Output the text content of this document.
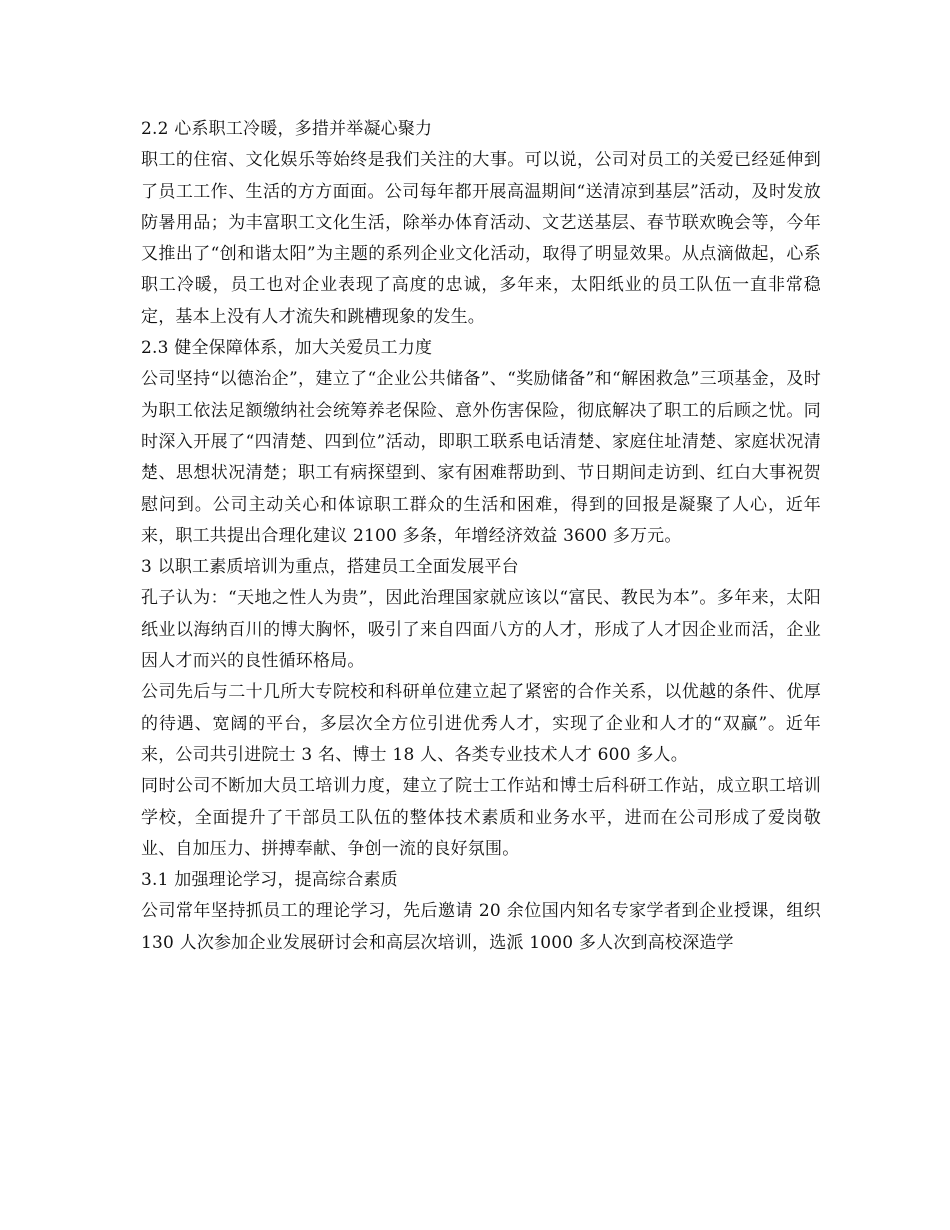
2.2 心系职工冷暖，多措并举凝心聚力

职工的住宿、文化娱乐等始终是我们关注的大事。可以说，公司对员工的关爱已经延伸到了员工工作、生活的方方面面。公司每年都开展高温期间“送清凉到基层”活动，及时发放防暑用品；为丰富职工文化生活，除举办体育活动、文艺送基层、春节联欢晚会等，今年又推出了“创和谐太阳”为主题的系列企业文化活动，取得了明显效果。从点滴做起，心系职工冷暖，员工也对企业表现了高度的忠诚，多年来，太阳纸业的员工队伍一直非常稳定，基本上没有人才流失和跳槽现象的发生。

2.3 健全保障体系，加大关爱员工力度

公司坚持“以德治企”，建立了“企业公共储备”、“奖励储备”和“解困救急”三项基金，及时为职工依法足额缴纳社会统筹养老保险、意外伤害保险，彻底解决了职工的后顾之忧。同时深入开展了“四清楚、四到位”活动，即职工联系电话清楚、家庭住址清楚、家庭状况清楚、思想状况清楚；职工有病探望到、家有困难帮助到、节日期间走访到、红白大事祝贺慰问到。公司主动关心和体谅职工群众的生活和困难，得到的回报是凝聚了人心，近年来，职工共提出合理化建议 2100 多条，年增经济效益 3600 多万元。

3 以职工素质培训为重点，搭建员工全面发展平台

孔子认为：“天地之性人为贵”，因此治理国家就应该以“富民、教民为本”。多年来，太阳纸业以海纳百川的博大胸怀，吸引了来自四面八方的人才，形成了人才因企业而活，企业因人才而兴的良性循环格局。

公司先后与二十几所大专院校和科研单位建立起了紧密的合作关系，以优越的条件、优厚的待遇、宽阔的平台，多层次全方位引进优秀人才，实现了企业和人才的“双赢”。近年来，公司共引进院士 3 名、博士 18 人、各类专业技术人才 600 多人。

同时公司不断加大员工培训力度，建立了院士工作站和博士后科研工作站，成立职工培训学校，全面提升了干部员工队伍的整体技术素质和业务水平，进而在公司形成了爱岗敬业、自加压力、拼搏奉献、争创一流的良好氛围。

3.1 加强理论学习，提高综合素质

公司常年坚持抓员工的理论学习，先后邀请 20 余位国内知名专家学者到企业授课，组织 130 人次参加企业发展研讨会和高层次培训，选派 1000 多人次到高校深造学
